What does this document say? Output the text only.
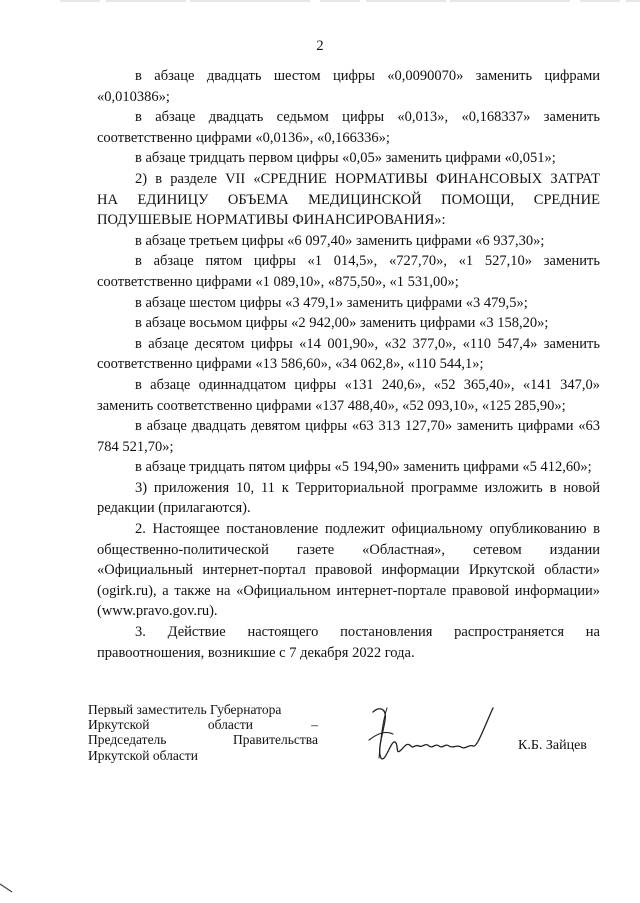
2

в абзаце двадцать шестом цифры «0,0090070» заменить цифрами «0,010386»;

в абзаце двадцать седьмом цифры «0,013», «0,168337» заменить соответственно цифрами «0,0136», «0,166336»;

в абзаце тридцать первом цифры «0,05» заменить цифрами «0,051»;

2) в разделе VII «СРЕДНИЕ НОРМАТИВЫ ФИНАНСОВЫХ ЗАТРАТ

НА ЕДИНИЦУ ОБЪЕМА МЕДИЦИНСКОЙ ПОМОЩИ, СРЕДНИЕ

ПОДУШЕВЫЕ НОРМАТИВЫ ФИНАНСИРОВАНИЯ»:

в абзаце третьем цифры «6 097,40» заменить цифрами «6 937,30»;

в абзаце пятом цифры «1 014,5», «727,70», «1 527,10» заменить соответственно цифрами «1 089,10», «875,50», «1 531,00»;

в абзаце шестом цифры «3 479,1» заменить цифрами «3 479,5»;

в абзаце восьмом цифры «2 942,00» заменить цифрами «3 158,20»;

в абзаце десятом цифры «14 001,90», «32 377,0», «110 547,4» заменить соответственно цифрами «13 586,60», «34 062,8», «110 544,1»;

в абзаце одиннадцатом цифры «131 240,6», «52 365,40», «141 347,0» заменить соответственно цифрами «137 488,40», «52 093,10», «125 285,90»;

в абзаце двадцать девятом цифры «63 313 127,70» заменить цифрами «63 784 521,70»;

в абзаце тридцать пятом цифры «5 194,90» заменить цифрами «5 412,60»;

3) приложения 10, 11 к Территориальной программе изложить в новой редакции (прилагаются).

2. Настоящее постановление подлежит официальному опубликованию в общественно-политической газете «Областная», сетевом издании «Официальный интернет-портал правовой информации Иркутской области» (ogirk.ru), а также на «Официальном интернет-портале правовой информации» (www.pravo.gov.ru).

3. Действие настоящего постановления распространяется на правоотношения, возникшие с 7 декабря 2022 года.

Первый заместитель Губернатора
Иркутской	области	–
Председатель	Правительства
Иркутской области
К.Б. Зайцев
